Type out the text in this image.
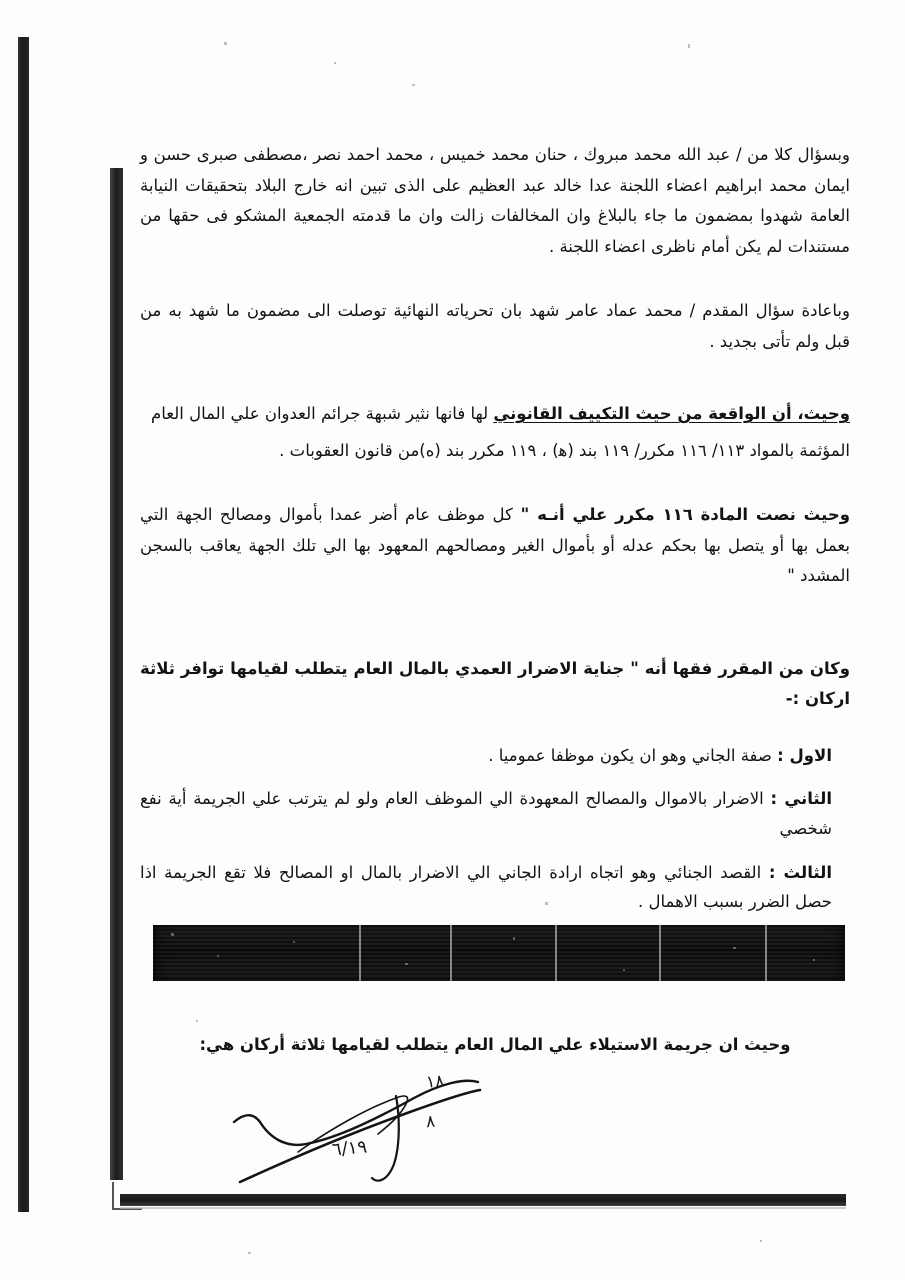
وبسؤال كلا من / عبد الله محمد مبروك ، حنان محمد خميس ، محمد احمد نصر ،مصطفى صبرى حسن و ايمان محمد ابراهيم اعضاء اللجنة عدا خالد عبد العظيم على الذى تبين انه خارج البلاد بتحقيقات النيابة العامة شهدوا بمضمون ما جاء بالبلاغ وان المخالفات زالت وان ما قدمته الجمعية المشكو فى حقها من مستندات لم يكن أمام ناظرى اعضاء اللجنة .

وباعادة سؤال المقدم / محمد عماد عامر شهد بان تحرياته النهائية توصلت الى مضمون ما شهد به من قبل ولم تأتى بجديد .

وحيث، أن الواقعة من حيث التكييف القانوني لها فانها نثير شبهة جرائم العدوان علي المال العام

المؤثمة بالمواد ١١٣/ ١١٦ مكرر/ ١١٩ بند (ﻫ) ، ١١٩ مكرر بند (ه)من قانون العقوبات .

وحيث نصت المادة ١١٦ مكرر علي أنـه " كل موظف عام أضر عمدا بأموال ومصالح الجهة التي بعمل بها أو يتصل بها بحكم عدله أو بأموال الغير ومصالحهم المعهود بها الي تلك الجهة يعاقب بالسجن المشدد "

وكان من المقرر فقها أنه " جناية الاضرار العمدي بالمال العام يتطلب لقيامها توافر ثلاثة اركان :-

الاول : صفة الجاني وهو ان يكون موظفا عموميا .
الثاني : الاضرار بالاموال والمصالح المعهودة الي الموظف العام ولو لم يترتب علي الجريمة أية نفع شخصي
الثالث : القصد الجنائي وهو اتجاه ارادة الجاني الي الاضرار بالمال او المصالح فلا تقع الجريمة اذا حصل الضرر بسبب الاهمال .

وحيث ان جريمة الاستيلاء علي المال العام يتطلب لقيامها ثلاثة أركان هي:

١٨
٨
٦/١٩
